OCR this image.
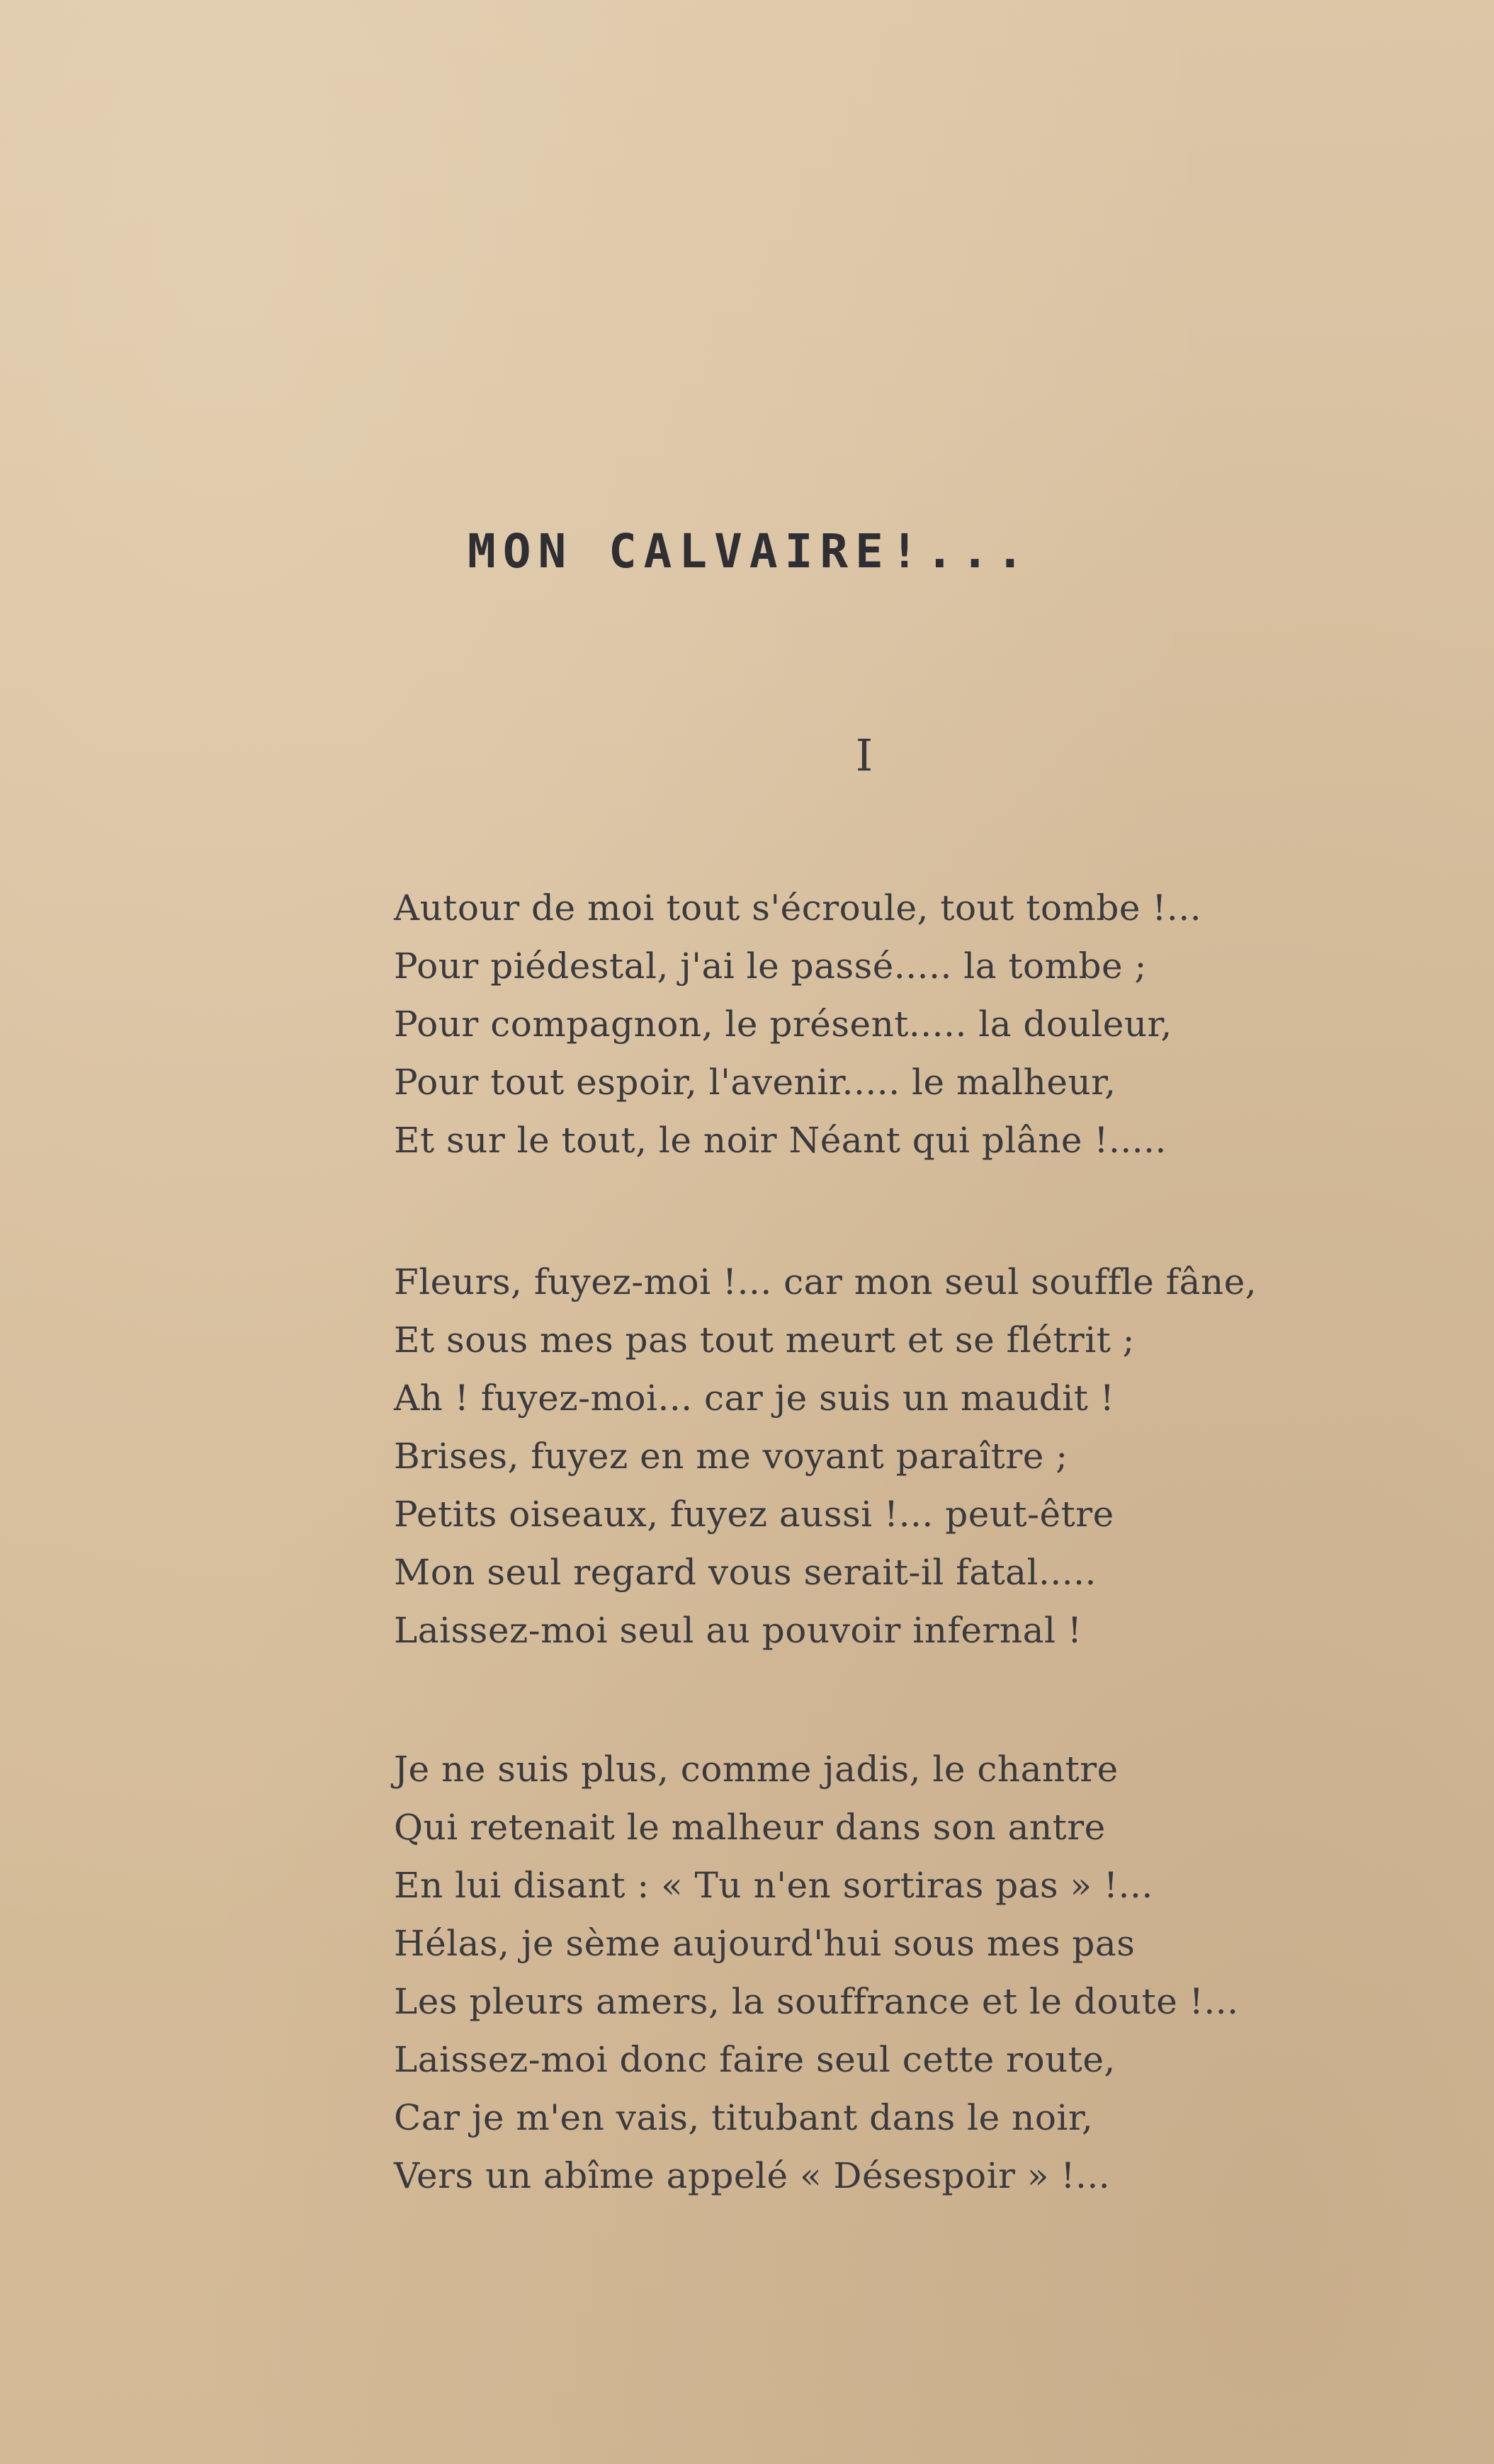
MON CALVAIRE!...
I
Autour de moi tout s'écroule, tout tombe !...
Pour piédestal, j'ai le passé..... la tombe ;
Pour compagnon, le présent..... la douleur,
Pour tout espoir, l'avenir..... le malheur,
Et sur le tout, le noir Néant qui plâne !.....
Fleurs, fuyez-moi !... car mon seul souffle fâne,
Et sous mes pas tout meurt et se flétrit ;
Ah ! fuyez-moi... car je suis un maudit !
Brises, fuyez en me voyant paraître ;
Petits oiseaux, fuyez aussi !... peut-être
Mon seul regard vous serait-il fatal.....
Laissez-moi seul au pouvoir infernal !
Je ne suis plus, comme jadis, le chantre
Qui retenait le malheur dans son antre
En lui disant : « Tu n'en sortiras pas » !...
Hélas, je sème aujourd'hui sous mes pas
Les pleurs amers, la souffrance et le doute !...
Laissez-moi donc faire seul cette route,
Car je m'en vais, titubant dans le noir,
Vers un abîme appelé « Désespoir » !...
